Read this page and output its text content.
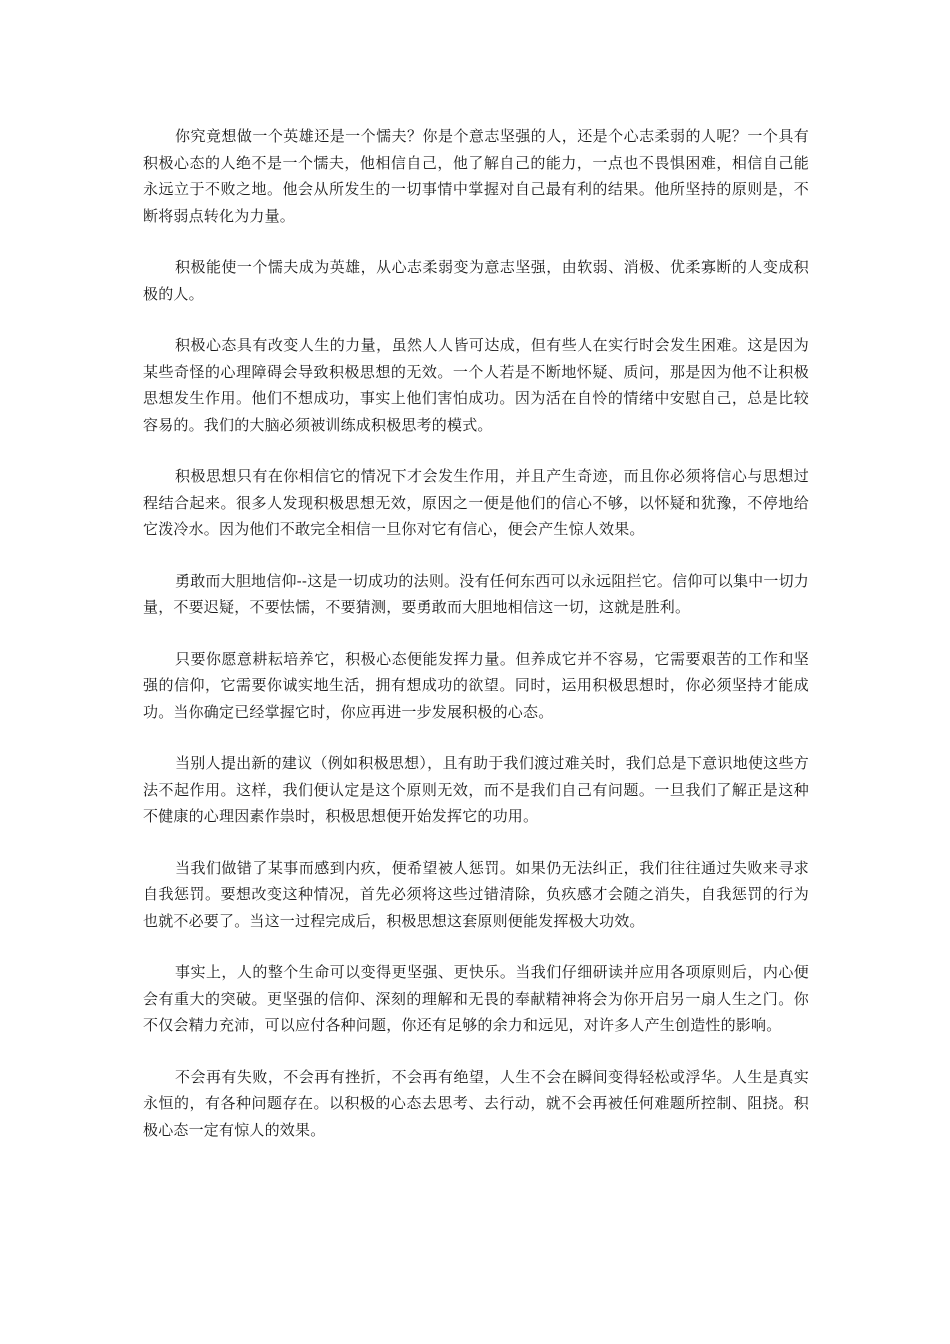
你究竟想做一个英雄还是一个懦夫？你是个意志坚强的人，还是个心志柔弱的人呢？一个具有积极心态的人绝不是一个懦夫，他相信自己，他了解自己的能力，一点也不畏惧困难，相信自己能永远立于不败之地。他会从所发生的一切事情中掌握对自己最有利的结果。他所坚持的原则是，不断将弱点转化为力量。

积极能使一个懦夫成为英雄，从心志柔弱变为意志坚强，由软弱、消极、优柔寡断的人变成积极的人。

积极心态具有改变人生的力量，虽然人人皆可达成，但有些人在实行时会发生困难。这是因为某些奇怪的心理障碍会导致积极思想的无效。一个人若是不断地怀疑、质问，那是因为他不让积极思想发生作用。他们不想成功，事实上他们害怕成功。因为活在自怜的情绪中安慰自己，总是比较容易的。我们的大脑必须被训练成积极思考的模式。

积极思想只有在你相信它的情况下才会发生作用，并且产生奇迹，而且你必须将信心与思想过程结合起来。很多人发现积极思想无效，原因之一便是他们的信心不够，以怀疑和犹豫，不停地给它泼冷水。因为他们不敢完全相信一旦你对它有信心，便会产生惊人效果。

勇敢而大胆地信仰--这是一切成功的法则。没有任何东西可以永远阻拦它。信仰可以集中一切力量，不要迟疑，不要怯懦，不要猜测，要勇敢而大胆地相信这一切，这就是胜利。

只要你愿意耕耘培养它，积极心态便能发挥力量。但养成它并不容易，它需要艰苦的工作和坚强的信仰，它需要你诚实地生活，拥有想成功的欲望。同时，运用积极思想时，你必须坚持才能成功。当你确定已经掌握它时，你应再进一步发展积极的心态。

当别人提出新的建议（例如积极思想），且有助于我们渡过难关时，我们总是下意识地使这些方法不起作用。这样，我们便认定是这个原则无效，而不是我们自己有问题。一旦我们了解正是这种不健康的心理因素作祟时，积极思想便开始发挥它的功用。

当我们做错了某事而感到内疚，便希望被人惩罚。如果仍无法纠正，我们往往通过失败来寻求自我惩罚。要想改变这种情况，首先必须将这些过错清除，负疚感才会随之消失，自我惩罚的行为也就不必要了。当这一过程完成后，积极思想这套原则便能发挥极大功效。

事实上，人的整个生命可以变得更坚强、更快乐。当我们仔细研读并应用各项原则后，内心便会有重大的突破。更坚强的信仰、深刻的理解和无畏的奉献精神将会为你开启另一扇人生之门。你不仅会精力充沛，可以应付各种问题，你还有足够的余力和远见，对许多人产生创造性的影响。

不会再有失败，不会再有挫折，不会再有绝望，人生不会在瞬间变得轻松或浮华。人生是真实永恒的，有各种问题存在。以积极的心态去思考、去行动，就不会再被任何难题所控制、阻挠。积极心态一定有惊人的效果。
